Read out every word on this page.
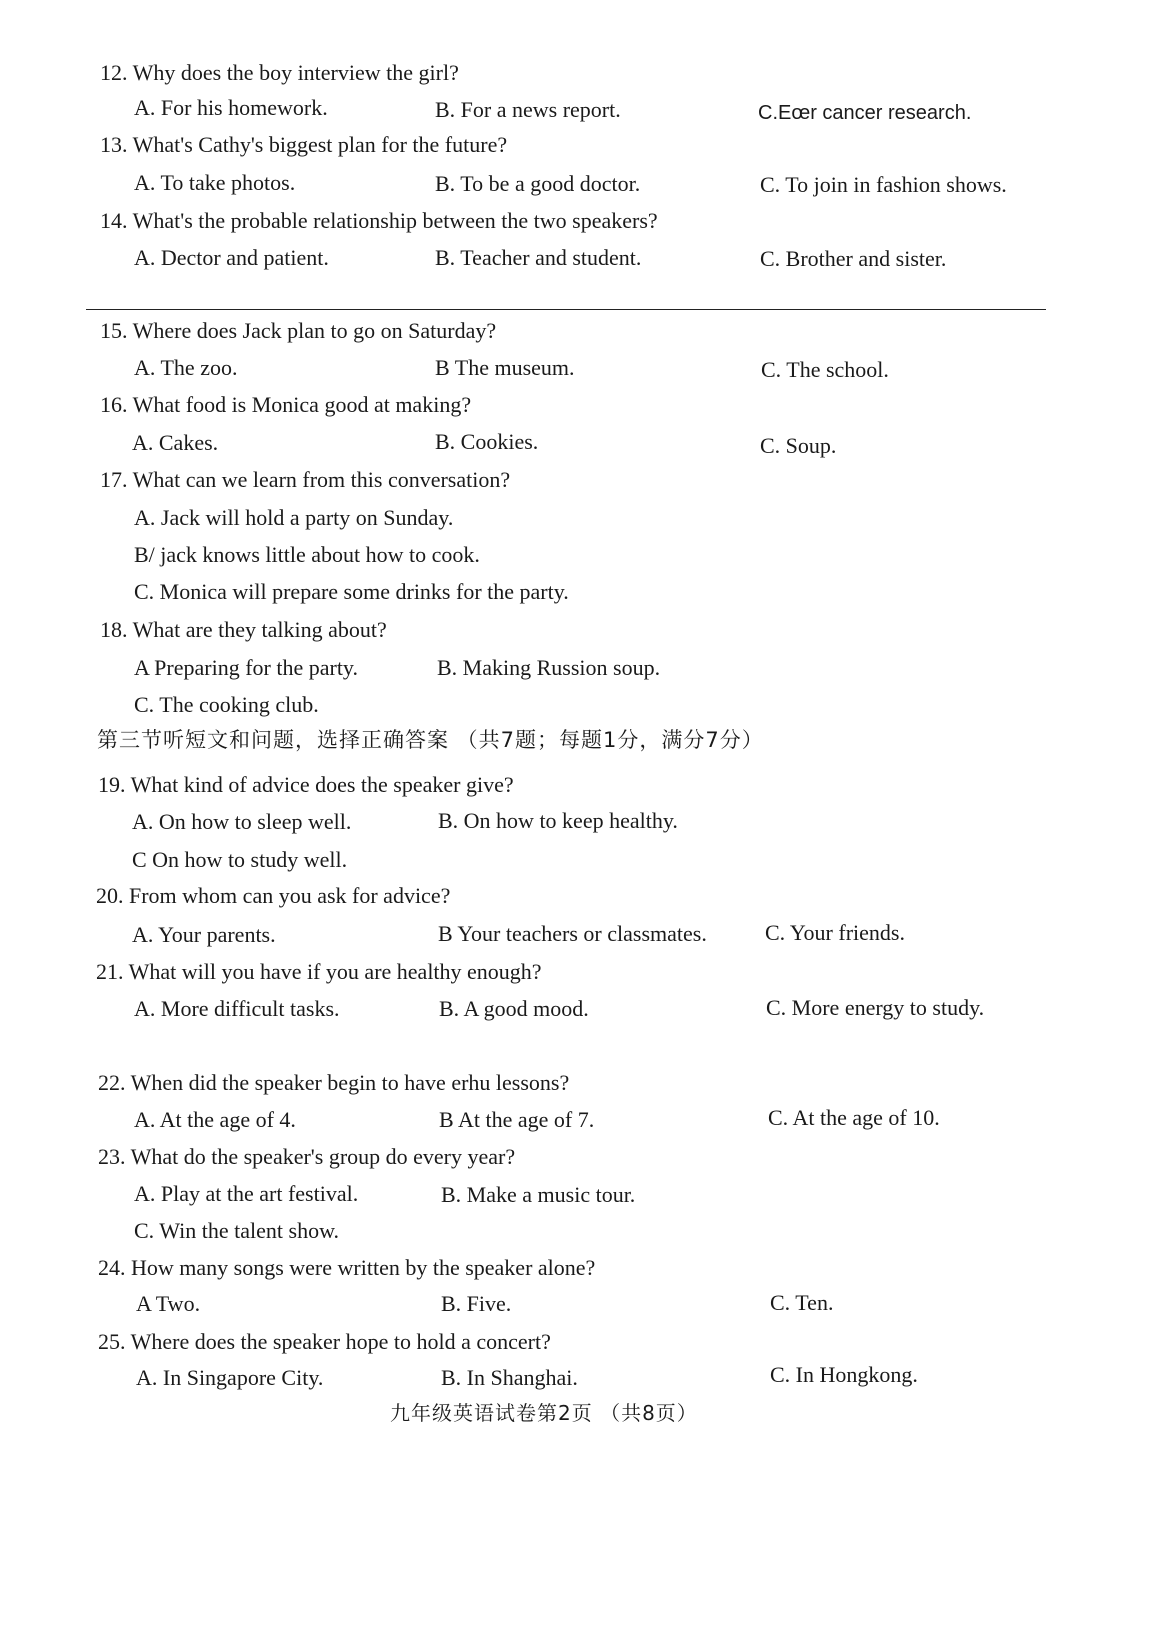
12. Why does the boy interview the girl?
A. For his homework.	B. For a news report.	C.Eœr cancer research.
13. What's Cathy's biggest plan for the future?
A. To take photos.	B. To be a good doctor.	C. To join in fashion shows.
14. What's the probable relationship between the two speakers?
A. Dector and patient.	B. Teacher and student.	C. Brother and sister.
15. Where does Jack plan to go on Saturday?
A. The zoo.	B The museum.	C. The school.
16. What food is Monica good at making?
A. Cakes.	B. Cookies.	C. Soup.
17. What can we learn from this conversation?
A. Jack will hold a party on Sunday.
B/ jack knows little about how to cook.
C. Monica will prepare some drinks for the party.
18. What are they talking about?
A Preparing for the party.	B. Making Russion soup.
C. The cooking club.
第三节听短文和问题，选择正确答案 （共7题；每题1分，满分7分）
19. What kind of advice does the speaker give?
A. On how to sleep well.	B. On how to keep healthy.
C On how to study well.
20. From whom can you ask for advice?
A. Your parents.	B Your teachers or classmates.	C. Your friends.
21. What will you have if you are healthy enough?
A. More difficult tasks.	B. A good mood.	C. More energy to study.
22. When did the speaker begin to have erhu lessons?
A. At the age of 4.	B At the age of 7.	C. At the age of 10.
23. What do the speaker's group do every year?
A. Play at the art festival.	B. Make a music tour.
C. Win the talent show.
24. How many songs were written by the speaker alone?
A Two.	B. Five.	C. Ten.
25. Where does the speaker hope to hold a concert?
A. In Singapore City.	B. In Shanghai.	C. In Hongkong.
九年级英语试卷第2页 （共8页）
